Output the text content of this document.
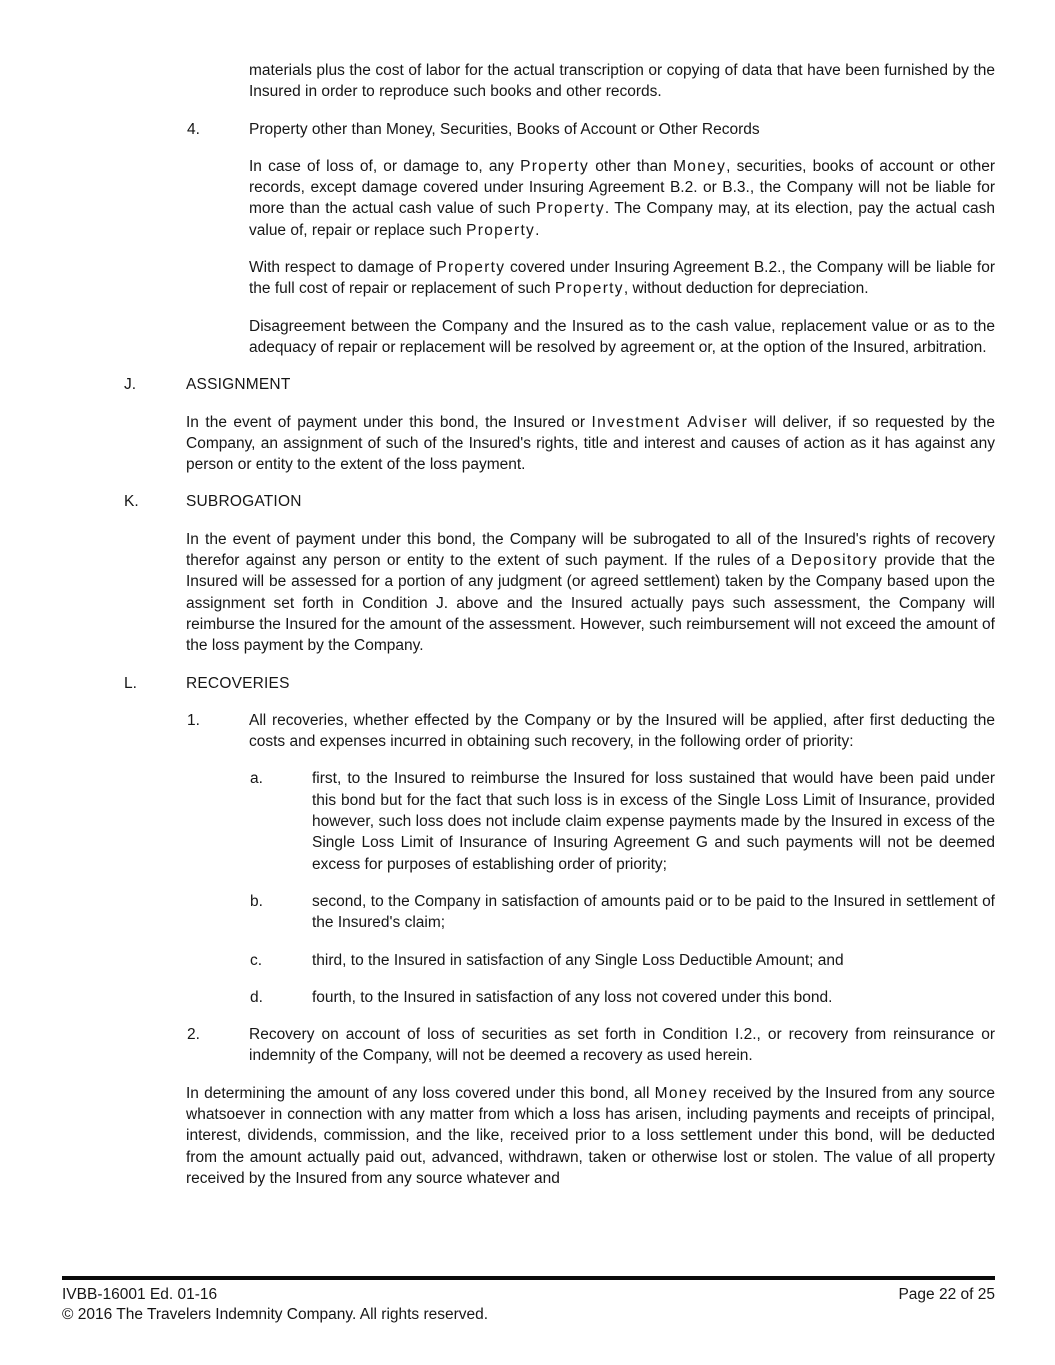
materials plus the cost of labor for the actual transcription or copying of data that have been furnished by the Insured in order to reproduce such books and other records.
4.	Property other than Money, Securities, Books of Account or Other Records
In case of loss of, or damage to, any Property other than Money, securities, books of account or other records, except damage covered under Insuring Agreement B.2. or B.3., the Company will not be liable for more than the actual cash value of such Property. The Company may, at its election, pay the actual cash value of, repair or replace such Property.
With respect to damage of Property covered under Insuring Agreement B.2., the Company will be liable for the full cost of repair or replacement of such Property, without deduction for depreciation.
Disagreement between the Company and the Insured as to the cash value, replacement value or as to the adequacy of repair or replacement will be resolved by agreement or, at the option of the Insured, arbitration.
J.	ASSIGNMENT
In the event of payment under this bond, the Insured or Investment Adviser will deliver, if so requested by the Company, an assignment of such of the Insured's rights, title and interest and causes of action as it has against any person or entity to the extent of the loss payment.
K.	SUBROGATION
In the event of payment under this bond, the Company will be subrogated to all of the Insured's rights of recovery therefor against any person or entity to the extent of such payment. If the rules of a Depository provide that the Insured will be assessed for a portion of any judgment (or agreed settlement) taken by the Company based upon the assignment set forth in Condition J. above and the Insured actually pays such assessment, the Company will reimburse the Insured for the amount of the assessment. However, such reimbursement will not exceed the amount of the loss payment by the Company.
L.	RECOVERIES
1.	All recoveries, whether effected by the Company or by the Insured will be applied, after first deducting the costs and expenses incurred in obtaining such recovery, in the following order of priority:
a.	first, to the Insured to reimburse the Insured for loss sustained that would have been paid under this bond but for the fact that such loss is in excess of the Single Loss Limit of Insurance, provided however, such loss does not include claim expense payments made by the Insured in excess of the Single Loss Limit of Insurance of Insuring Agreement G and such payments will not be deemed excess for purposes of establishing order of priority;
b.	second, to the Company in satisfaction of amounts paid or to be paid to the Insured in settlement of the Insured's claim;
c.	third, to the Insured in satisfaction of any Single Loss Deductible Amount; and
d.	fourth, to the Insured in satisfaction of any loss not covered under this bond.
2.	Recovery on account of loss of securities as set forth in Condition I.2., or recovery from reinsurance or indemnity of the Company, will not be deemed a recovery as used herein.
In determining the amount of any loss covered under this bond, all Money received by the Insured from any source whatsoever in connection with any matter from which a loss has arisen, including payments and receipts of principal, interest, dividends, commission, and the like, received prior to a loss settlement under this bond, will be deducted from the amount actually paid out, advanced, withdrawn, taken or otherwise lost or stolen. The value of all property received by the Insured from any source whatever and
IVBB-16001 Ed. 01-16	Page 22 of 25
© 2016 The Travelers Indemnity Company. All rights reserved.
